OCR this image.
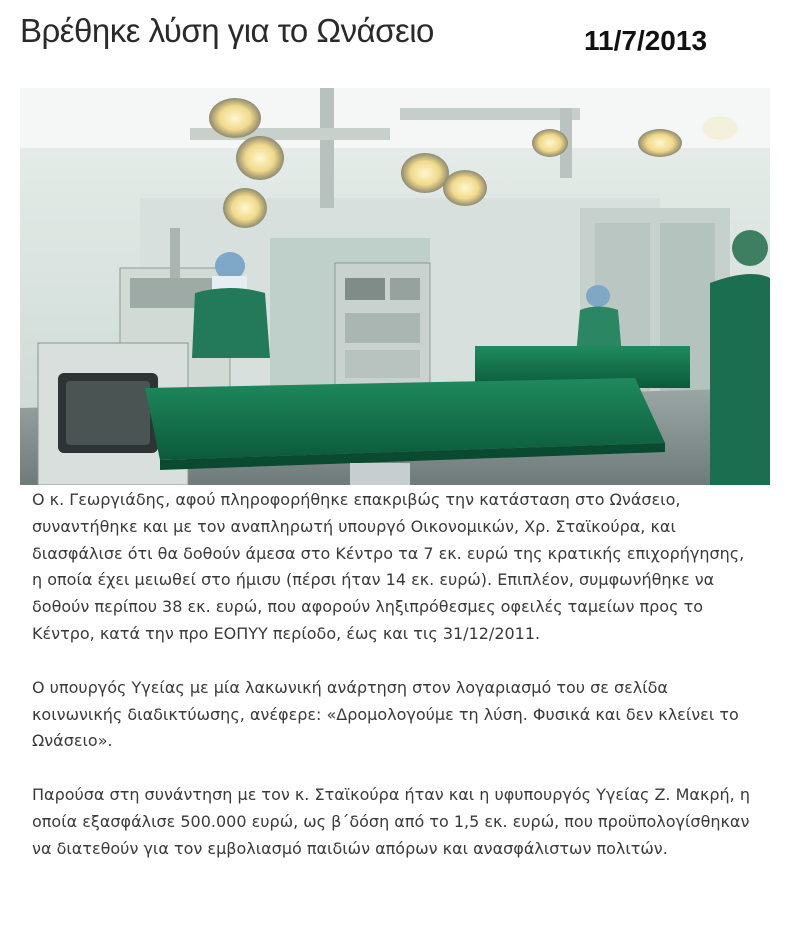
Βρέθηκε λύση για το Ωνάσειο	11/7/2013

Ο κ. Γεωργιάδης, αφού πληροφορήθηκε επακριβώς την κατάσταση στο Ωνάσειο, συναντήθηκε και με τον αναπληρωτή υπουργό Οικονομικών, Χρ. Σταϊκούρα, και διασφάλισε ότι θα δοθούν άμεσα στο Κέντρο τα 7 εκ. ευρώ της κρατικής επιχορήγησης, η οποία έχει μειωθεί στο ήμισυ (πέρσι ήταν 14 εκ. ευρώ). Επιπλέον, συμφωνήθηκε να δοθούν περίπου 38 εκ. ευρώ, που αφορούν ληξιπρόθεσμες οφειλές ταμείων προς το Κέντρο, κατά την προ ΕΟΠΥΥ περίοδο, έως και τις 31/12/2011.

Ο υπουργός Υγείας με μία λακωνική ανάρτηση στον λογαριασμό του σε σελίδα κοινωνικής διαδικτύωσης, ανέφερε: «Δρομολογούμε τη λύση. Φυσικά και δεν κλείνει το Ωνάσειο».

Παρούσα στη συνάντηση με τον κ. Σταϊκούρα ήταν και η υφυπουργός Υγείας Ζ. Μακρή, η οποία εξασφάλισε 500.000 ευρώ, ως β΄δόση από το 1,5 εκ. ευρώ, που προϋπολογίσθηκαν να διατεθούν για τον εμβολιασμό παιδιών απόρων και ανασφάλιστων πολιτών.
